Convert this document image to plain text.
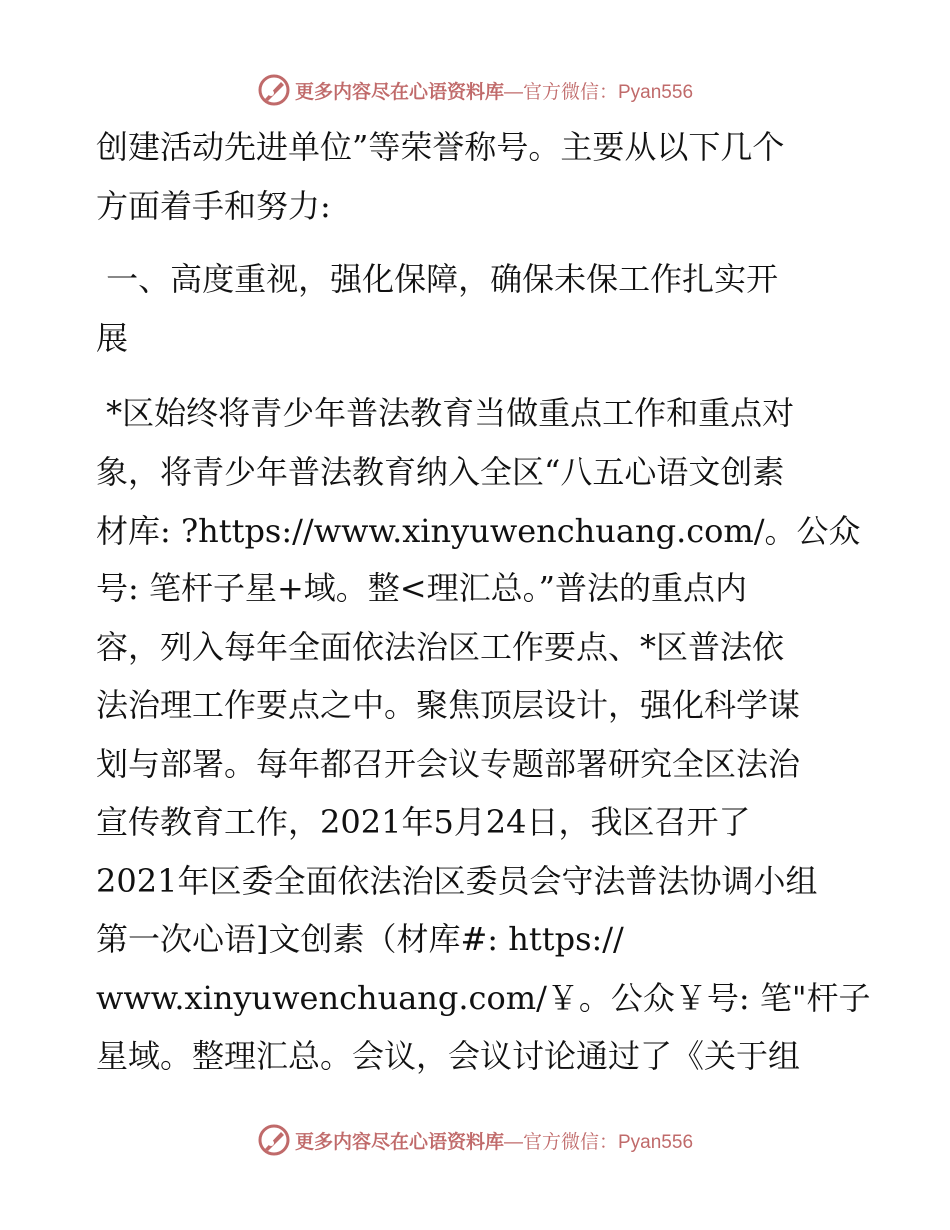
更多内容尽在心语资料库 —官方微信：Pyan556
创建活动先进单位”等荣誉称号。主要从以下几个
方面着手和努力:
一、高度重视，强化保障，确保未保工作扎实开
展
*区始终将青少年普法教育当做重点工作和重点对
象，将青少年普法教育纳入全区“八五心语文创素
材库: ?https://www.xinyuwenchuang.com/。公众
号: 笔杆子星+域。整<理汇总。”普法的重点内
容，列入每年全面依法治区工作要点、*区普法依
法治理工作要点之中。聚焦顶层设计，强化科学谋
划与部署。每年都召开会议专题部署研究全区法治
宣传教育工作，2021年5月24日，我区召开了
2021年区委全面依法治区委员会守法普法协调小组
第一次心语]文创素（材库#: https://
www.xinyuwenchuang.com/￥。公众￥号: 笔"杆子
星域。整理汇总。会议，会议讨论通过了《关于组
更多内容尽在心语资料库 —官方微信：Pyan556
